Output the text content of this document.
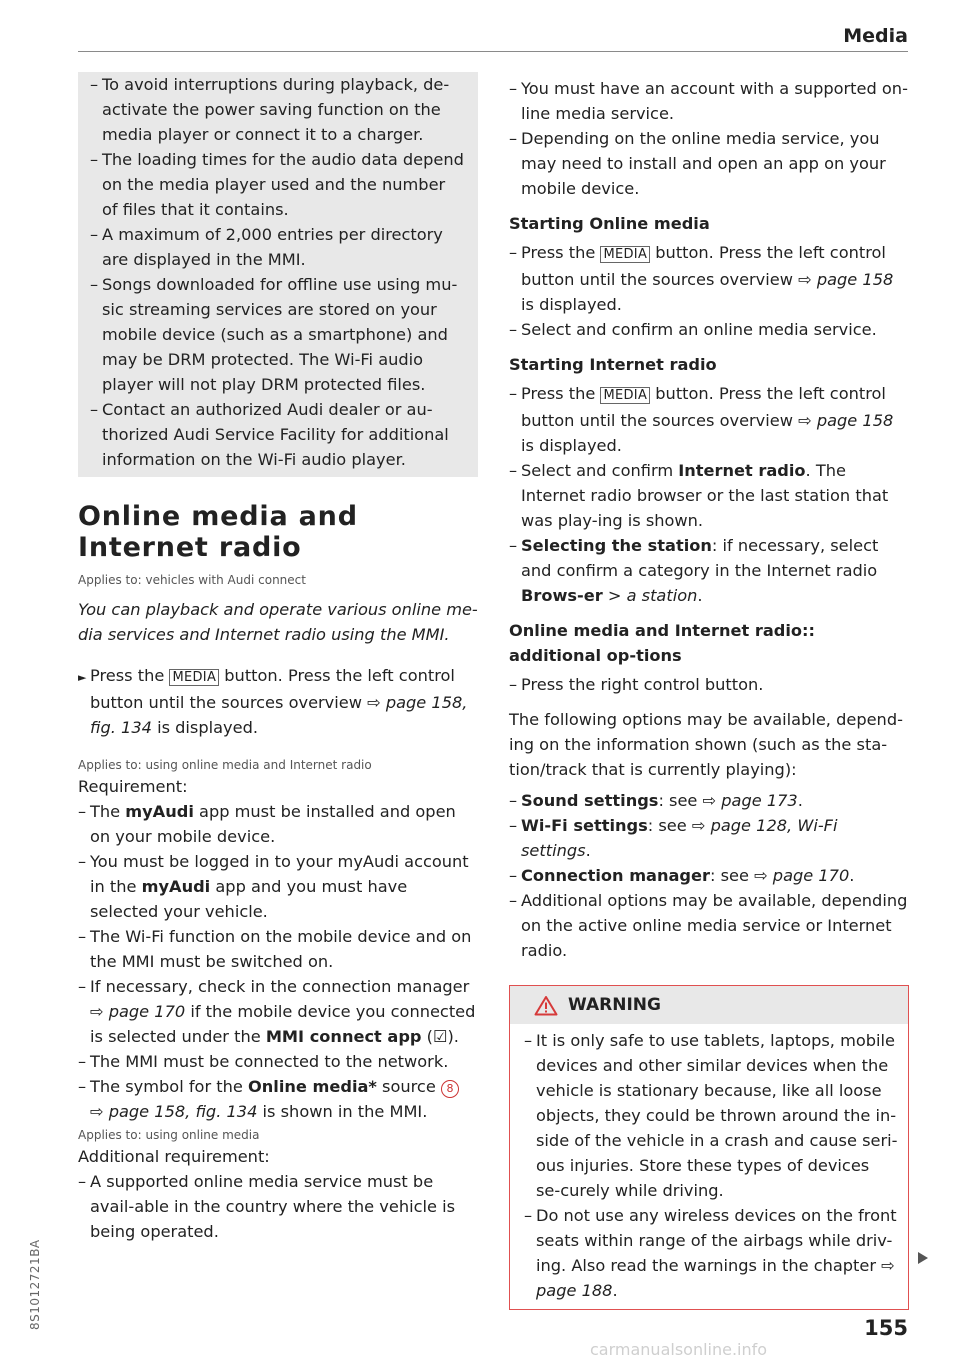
Media

– To avoid interruptions during playback, de-activate the power saving function on the media player or connect it to a charger.

– The loading times for the audio data depend on the media player used and the number of files that it contains.

– A maximum of 2,000 entries per directory are displayed in the MMI.

– Songs downloaded for offline use using mu-sic streaming services are stored on your mobile device (such as a smartphone) and may be DRM protected. The Wi-Fi audio player will not play DRM protected files.

– Contact an authorized Audi dealer or au-thorized Audi Service Facility for additional information on the Wi-Fi audio player.

Online media and
Internet radio
Applies to: vehicles with Audi connect
You can playback and operate various online me-dia services and Internet radio using the MMI.

► Press the MEDIA button. Press the left control button until the sources overview ⇨ page 158, fig. 134 is displayed.

Applies to: using online media and Internet radio
Requirement:

– The myAudi app must be installed and open on your mobile device.

– You must be logged in to your myAudi account in the myAudi app and you must have selected your vehicle.

– The Wi-Fi function on the mobile device and on the MMI must be switched on.

– If necessary, check in the connection manager ⇨ page 170 if the mobile device you connected is selected under the MMI connect app (☑).

– The MMI must be connected to the network.

– The symbol for the Online media* source 8
⇨ page 158, fig. 134 is shown in the MMI.

Applies to: using online media
Additional requirement:

– A supported online media service must be avail-able in the country where the vehicle is being operated.

– You must have an account with a supported on-line media service.

– Depending on the online media service, you may need to install and open an app on your mobile device.

Starting Online media

– Press the MEDIA button. Press the left control button until the sources overview ⇨ page 158 is displayed.

– Select and confirm an online media service.

Starting Internet radio

– Press the MEDIA button. Press the left control button until the sources overview ⇨ page 158 is displayed.

– Select and confirm Internet radio. The Internet radio browser or the last station that was play-ing is shown.

– Selecting the station: if necessary, select and confirm a category in the Internet radio Brows-er > a station.

Online media and Internet radio:: additional op-tions

– Press the right control button.

The following options may be available, depend-ing on the information shown (such as the sta-tion/track that is currently playing):

– Sound settings: see ⇨ page 173.

– Wi-Fi settings: see ⇨ page 128, Wi-Fi settings.

– Connection manager: see ⇨ page 170.

– Additional options may be available, depending on the active online media service or Internet radio.

WARNING

– It is only safe to use tablets, laptops, mobile devices and other similar devices when the vehicle is stationary because, like all loose objects, they could be thrown around the in-side of the vehicle in a crash and cause seri-ous injuries. Store these types of devices se-curely while driving.

– Do not use any wireless devices on the front seats within range of the airbags while driv-ing. Also read the warnings in the chapter ⇨ page 188.

8S1012721BA	155
carmanualsonline.info
